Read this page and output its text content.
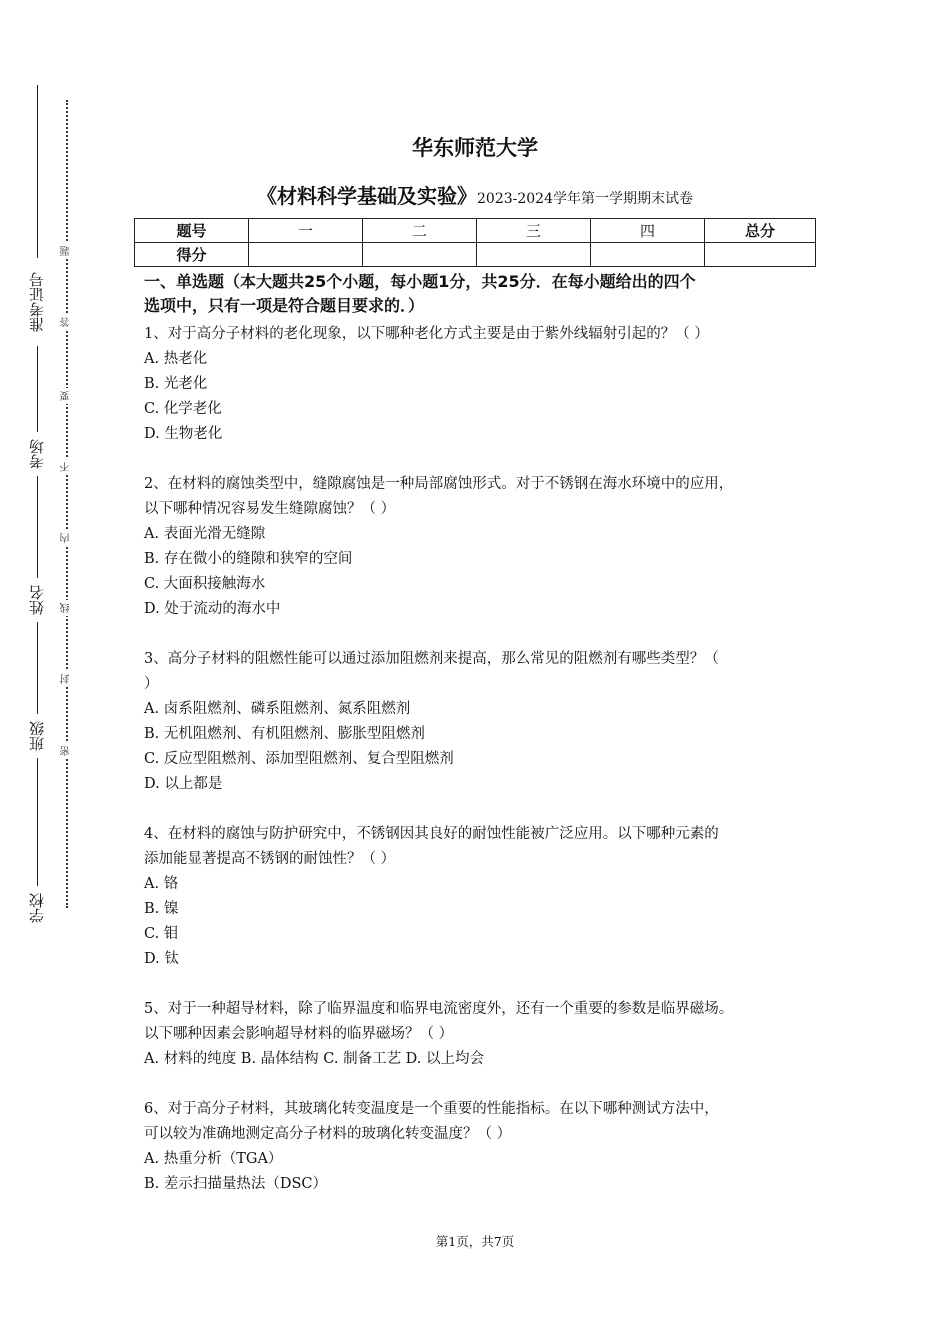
准考证号
考场
姓名
班级
学校
题
答
要
不
内
线
封
密
华东师范大学
《材料科学基础及实验》2023-2024学年第一学期期末试卷
题号	一	二	三	四	总分
得分					
一、单选题（本大题共25个小题，每小题1分，共25分．在每小题给出的四个
选项中，只有一项是符合题目要求的．）

1、对于高分子材料的老化现象，以下哪种老化方式主要是由于紫外线辐射引起的？（ ）

A. 热老化

B. 光老化

C. 化学老化

D. 生物老化

2、在材料的腐蚀类型中，缝隙腐蚀是一种局部腐蚀形式。对于不锈钢在海水环境中的应用，

以下哪种情况容易发生缝隙腐蚀？（ ）

A. 表面光滑无缝隙

B. 存在微小的缝隙和狭窄的空间

C. 大面积接触海水

D. 处于流动的海水中

3、高分子材料的阻燃性能可以通过添加阻燃剂来提高，那么常见的阻燃剂有哪些类型？（

）

A. 卤系阻燃剂、磷系阻燃剂、氮系阻燃剂

B. 无机阻燃剂、有机阻燃剂、膨胀型阻燃剂

C. 反应型阻燃剂、添加型阻燃剂、复合型阻燃剂

D. 以上都是

4、在材料的腐蚀与防护研究中，不锈钢因其良好的耐蚀性能被广泛应用。以下哪种元素的

添加能显著提高不锈钢的耐蚀性？（ ）

A. 铬

B. 镍

C. 钼

D. 钛

5、对于一种超导材料，除了临界温度和临界电流密度外，还有一个重要的参数是临界磁场。

以下哪种因素会影响超导材料的临界磁场？（ ）

A. 材料的纯度 B. 晶体结构 C. 制备工艺 D. 以上均会

6、对于高分子材料，其玻璃化转变温度是一个重要的性能指标。在以下哪种测试方法中，

可以较为准确地测定高分子材料的玻璃化转变温度？（ ）

A. 热重分析（TGA）

B. 差示扫描量热法（DSC）

第1页，共7页
